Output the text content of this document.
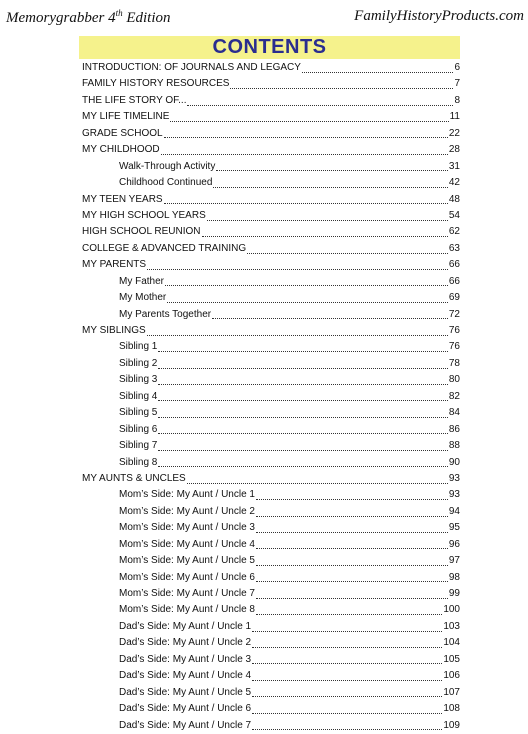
Memorygrabber 4th Edition	FamilyHistoryProducts.com
CONTENTS
INTRODUCTION: OF JOURNALS AND LEGACY	6
FAMILY HISTORY RESOURCES	7
THE LIFE STORY OF...	8
MY LIFE TIMELINE	11
GRADE SCHOOL	22
MY CHILDHOOD	28
Walk-Through Activity	31
Childhood Continued	42
MY TEEN YEARS	48
MY HIGH SCHOOL YEARS	54
HIGH SCHOOL REUNION	62
COLLEGE & ADVANCED TRAINING	63
MY PARENTS	66
My Father	66
My Mother	69
My Parents Together	72
MY SIBLINGS	76
Sibling 1	76
Sibling 2	78
Sibling 3	80
Sibling 4	82
Sibling 5	84
Sibling 6	86
Sibling 7	88
Sibling 8	90
MY AUNTS & UNCLES	93
Mom’s Side: My Aunt / Uncle 1	93
Mom’s Side: My Aunt / Uncle 2	94
Mom’s Side: My Aunt / Uncle 3	95
Mom’s Side: My Aunt / Uncle 4	96
Mom’s Side: My Aunt / Uncle 5	97
Mom’s Side: My Aunt / Uncle 6	98
Mom’s Side: My Aunt / Uncle 7	99
Mom’s Side: My Aunt / Uncle 8	100
Dad’s Side: My Aunt / Uncle 1	103
Dad’s Side: My Aunt / Uncle 2	104
Dad’s Side: My Aunt / Uncle 3	105
Dad’s Side: My Aunt / Uncle 4	106
Dad’s Side: My Aunt / Uncle 5	107
Dad’s Side: My Aunt / Uncle 6	108
Dad’s Side: My Aunt / Uncle 7	109
